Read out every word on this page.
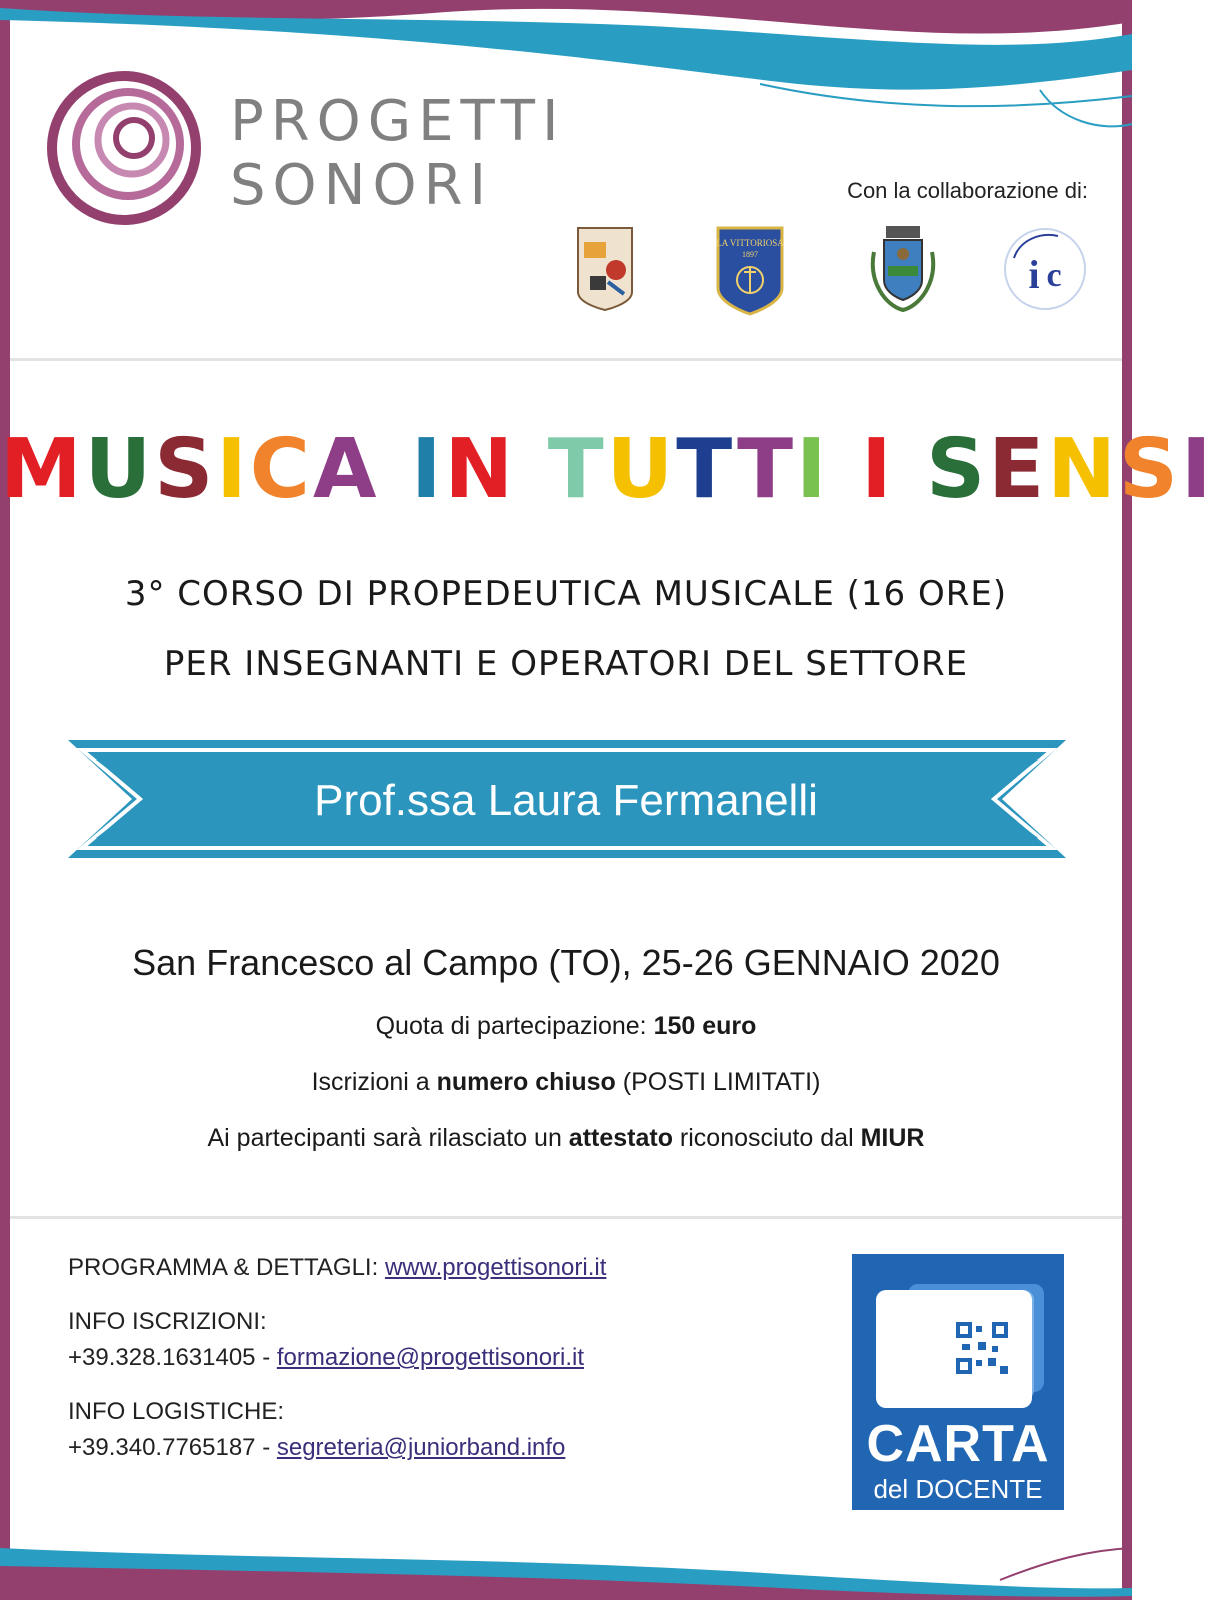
PROGETTI
SONORI	Con la collaborazione di:
LA VITTORIOSA
1897	i c
MUSICA IN TUTTI I SENSI
3° CORSO DI PROPEDEUTICA MUSICALE (16 ORE)
PER INSEGNANTI E OPERATORI DEL SETTORE
Prof.ssa Laura Fermanelli
San Francesco al Campo (TO), 25-26 GENNAIO 2020
Quota di partecipazione: 150 euro
Iscrizioni a numero chiuso (POSTI LIMITATI)
Ai partecipanti sarà rilasciato un attestato riconosciuto dal MIUR
PROGRAMMA & DETTAGLI: www.progettisonori.it
INFO ISCRIZIONI:
+39.328.1631405 - formazione@progettisonori.it
INFO LOGISTICHE:
+39.340.7765187 - segreteria@juniorband.info	CARTA
del DOCENTE
